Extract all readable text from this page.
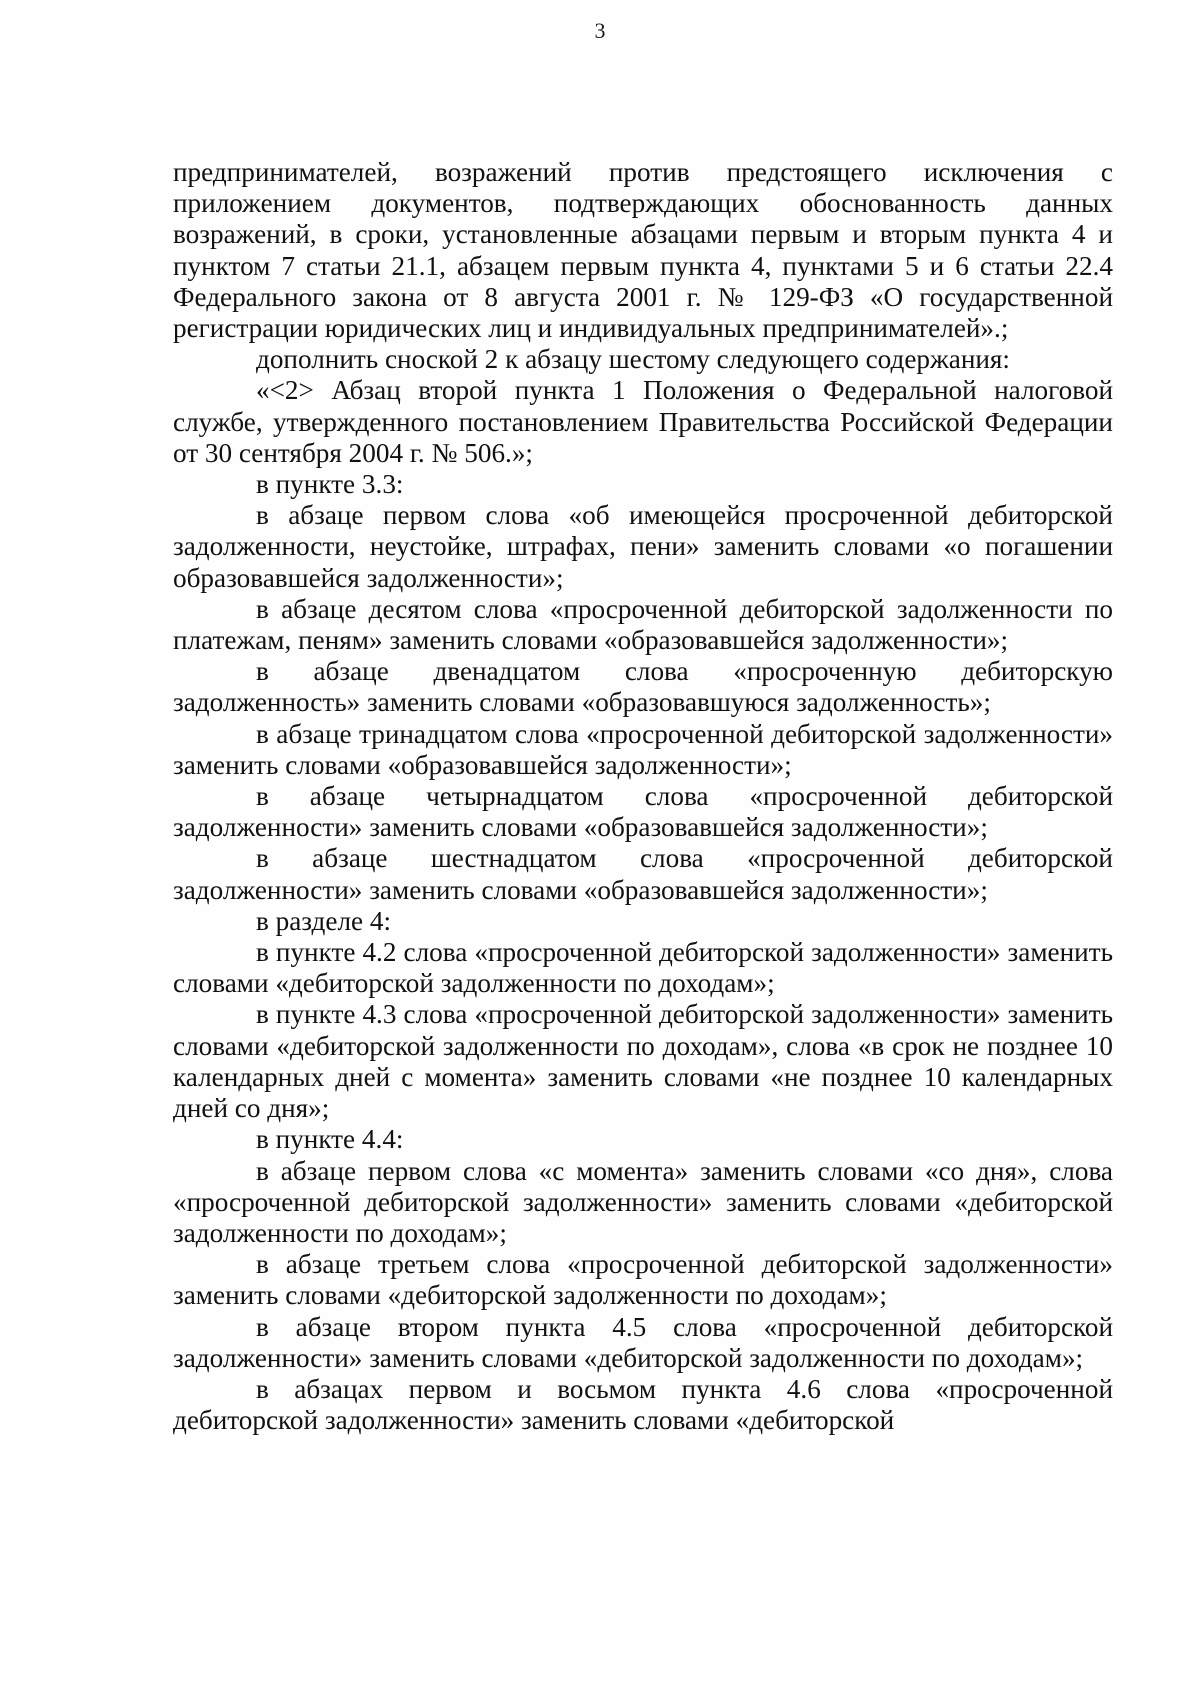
3

предпринимателей, возражений против предстоящего исключения с приложением документов, подтверждающих обоснованность данных возражений, в сроки, установленные абзацами первым и вторым пункта 4 и пунктом 7 статьи 21.1, абзацем первым пункта 4, пунктами 5 и 6 статьи 22.4 Федерального закона от 8 августа 2001 г. № 129-ФЗ «О государственной регистрации юридических лиц и индивидуальных предпринимателей».;

дополнить сноской 2 к абзацу шестому следующего содержания:

«<2> Абзац второй пункта 1 Положения о Федеральной налоговой службе, утвержденного постановлением Правительства Российской Федерации от 30 сентября 2004 г. № 506.»;

в пункте 3.3:

в абзаце первом слова «об имеющейся просроченной дебиторской задолженности, неустойке, штрафах, пени» заменить словами «о погашении образовавшейся задолженности»;

в абзаце десятом слова «просроченной дебиторской задолженности по платежам, пеням» заменить словами «образовавшейся задолженности»;

в абзаце двенадцатом слова «просроченную дебиторскую задолженность» заменить словами «образовавшуюся задолженность»;

в абзаце тринадцатом слова «просроченной дебиторской задолженности» заменить словами «образовавшейся задолженности»;

в абзаце четырнадцатом слова «просроченной дебиторской задолженности» заменить словами «образовавшейся задолженности»;

в абзаце шестнадцатом слова «просроченной дебиторской задолженности» заменить словами «образовавшейся задолженности»;

в разделе 4:

в пункте 4.2 слова «просроченной дебиторской задолженности» заменить словами «дебиторской задолженности по доходам»;

в пункте 4.3 слова «просроченной дебиторской задолженности» заменить словами «дебиторской задолженности по доходам», слова «в срок не позднее 10 календарных дней с момента» заменить словами «не позднее 10 календарных дней со дня»;

в пункте 4.4:

в абзаце первом слова «с момента» заменить словами «со дня», слова «просроченной дебиторской задолженности» заменить словами «дебиторской задолженности по доходам»;

в абзаце третьем слова «просроченной дебиторской задолженности» заменить словами «дебиторской задолженности по доходам»;

в абзаце втором пункта 4.5 слова «просроченной дебиторской задолженности» заменить словами «дебиторской задолженности по доходам»;

в абзацах первом и восьмом пункта 4.6 слова «просроченной дебиторской задолженности» заменить словами «дебиторской
